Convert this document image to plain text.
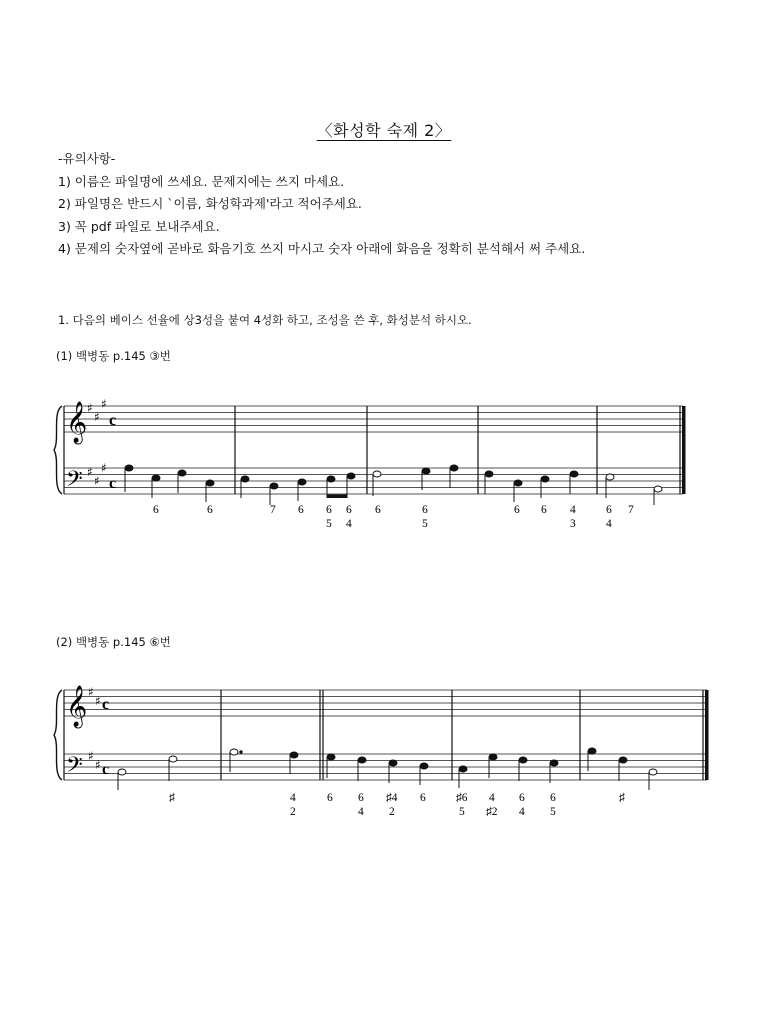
〈화성학 숙제 2〉
-유의사항-
1) 이름은 파일명에 쓰세요. 문제지에는 쓰지 마세요.
2) 파일명은 반드시 `이름, 화성학과제'라고 적어주세요.
3) 꼭 pdf 파일로 보내주세요.
4) 문제의 숫자옆에 곧바로 화음기호 쓰지 마시고 숫자 아래에 화음을 정확히 분석해서 써 주세요.
1. 다음의 베이스 선율에 상3성을 붙여 4성화 하고, 조성을 쓴 후, 화성분석 하시오.
(1) 백병동 p.145 ③번
(2) 백병동 p.145 ⑥번
𝄞
𝄢
♯
♯
♯
♯
♯
♯
c
c
6	6	7 6 6
5
6
4
6	6
5
6 6 4
3
6
4
7
𝄞
𝄢
♯
♯
♯
♯
c
c
♯	4
2
6 6
4
♯4
2
6	♯6
5
4
♯2
6
4
6
5
♯
